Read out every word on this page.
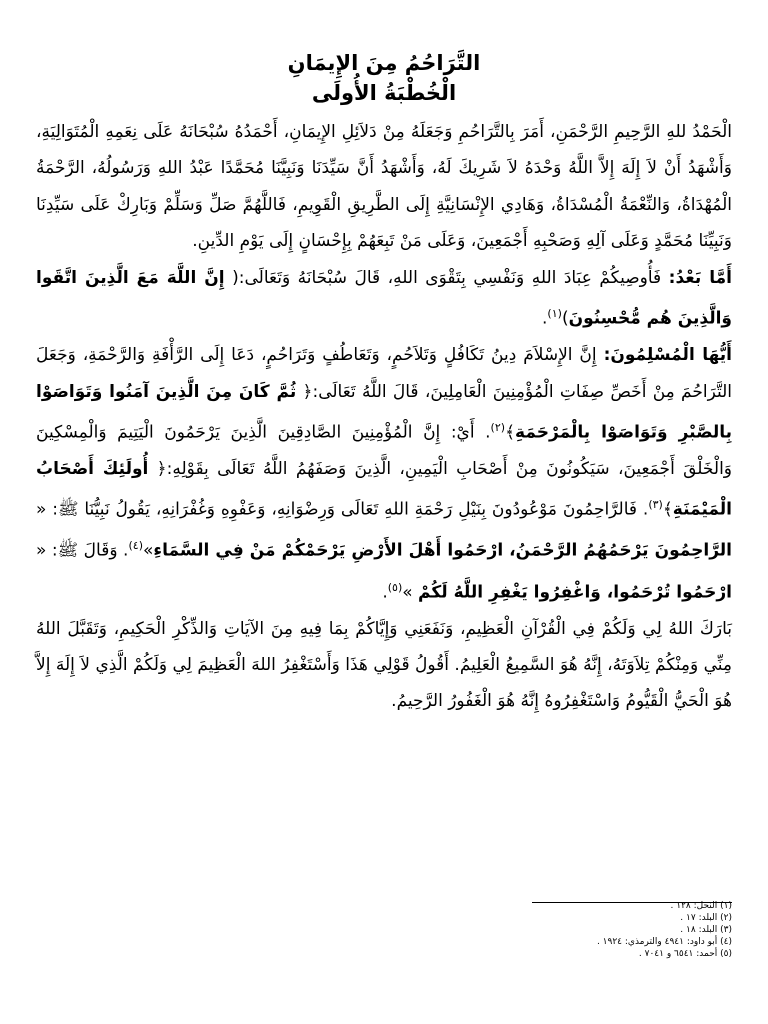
التَّرَاحُمُ مِنَ الإِيمَانِ
الْخُطْبَةُ الأُولَى

الْحَمْدُ للهِ الرَّحِيمِ الرَّحْمَنِ، أَمَرَ بِالتَّرَاحُمِ وَجَعَلَهُ مِنْ دَلاَئِلِ الإِيمَانِ، أَحْمَدُهُ سُبْحَانَهُ عَلَى نِعَمِهِ الْمُتَوَالِيَةِ، وَأَشْهَدُ أَنْ لاَ إِلَهَ إِلاَّ اللَّهُ وَحْدَهُ لاَ شَرِيكَ لَهُ، وَأَشْهَدُ أَنَّ سَيِّدَنَا وَنَبِيَّنَا مُحَمَّدًا عَبْدُ اللهِ وَرَسُولُهُ، الرَّحْمَةُ الْمُهْدَاةُ، وَالنِّعْمَةُ الْمُسْدَاةُ، وَهَادِي الإِنْسَانِيَّةِ إِلَى الطَّرِيقِ الْقَوِيمِ، فَاللَّهُمَّ صَلِّ وَسَلِّمْ وَبَارِكْ عَلَى سَيِّدِنَا وَنَبِيِّنَا مُحَمَّدٍ وَعَلَى آلِهِ وَصَحْبِهِ أَجْمَعِينَ، وَعَلَى مَنْ تَبِعَهُمْ بِإِحْسَانٍ إِلَى يَوْمِ الدِّينِ.

أَمَّا بَعْدُ: فَأُوصِيكُمْ عِبَادَ اللهِ وَنَفْسِي بِتَقْوَى اللهِ، قَالَ سُبْحَانَهُ وَتَعَالَى:( إِنَّ اللَّهَ مَعَ الَّذِينَ اتَّقَوا وَالَّذِينَ هُم مُّحْسِنُونَ)$^{(١)}$.

أَيُّهَا الْمُسْلِمُونَ: إِنَّ الإِسْلاَمَ دِينُ تَكَافُلٍ وَتَلاَحُمٍ، وَتَعَاطُفٍ وَتَرَاحُمٍ، دَعَا إِلَى الرَّأْفَةِ وَالرَّحْمَةِ، وَجَعَلَ التَّرَاحُمَ مِنْ أَخَصِّ صِفَاتِ الْمُؤْمِنِينَ الْعَامِلِينَ، قَالَ اللَّهُ تَعَالَى:﴿ ثُمَّ كَانَ مِنَ الَّذِينَ آمَنُوا وَتَوَاصَوْا بِالصَّبْرِ وَتَوَاصَوْا بِالْمَرْحَمَةِ﴾$^{(٢)}$. أَيْ: إِنَّ الْمُؤْمِنِينَ الصَّادِقِينَ الَّذِينَ يَرْحَمُونَ الْيَتِيمَ وَالْمِسْكِينَ وَالْخَلْقَ أَجْمَعِينَ، سَيَكُونُونَ مِنْ أَصْحَابِ الْيَمِينِ، الَّذِينَ وَصَفَهُمُ اللَّهُ تَعَالَى بِقَوْلِهِ:﴿ أُولَئِكَ أَصْحَابُ الْمَيْمَنَةِ﴾$^{(٣)}$. فَالرَّاحِمُونَ مَوْعُودُونَ بِنَيْلِ رَحْمَةِ اللهِ تَعَالَى وَرِضْوَانِهِ، وَعَفْوِهِ وَغُفْرَانِهِ، يَقُولُ نَبِيُّنَا ﷺ: « الرَّاحِمُونَ يَرْحَمُهُمُ الرَّحْمَنُ، ارْحَمُوا أَهْلَ الأَرْضِ يَرْحَمْكُمْ مَنْ فِي السَّمَاءِ»$^{(٤)}$. وَقَالَ ﷺ: « ارْحَمُوا تُرْحَمُوا، وَاغْفِرُوا يَغْفِرِ اللَّهُ لَكُمْ »$^{(٥)}$.

بَارَكَ اللهُ لِي وَلَكُمْ فِي الْقُرْآنِ الْعَظِيمِ، وَنَفَعَنِي وَإِيَّاكُمْ بِمَا فِيهِ مِنَ الآيَاتِ وَالذِّكْرِ الْحَكِيمِ، وَتَقَبَّلَ اللهُ مِنِّي وَمِنْكُمْ تِلاَوَتَهُ، إِنَّهُ هُوَ السَّمِيعُ الْعَلِيمُ. أَقُولُ قَوْلِي هَذَا وَأَسْتَغْفِرُ اللهَ الْعَظِيمَ لِي وَلَكُمْ الَّذِي لاَ إِلَهَ إِلاَّ هُوَ الْحَيُّ الْقَيُّومُ وَاسْتَغْفِرُوهُ إِنَّهُ هُوَ الْغَفُورُ الرَّحِيمُ.

(١) النحل: ١٢٨ .
(٢) البلد: ١٧ .
(٣) البلد: ١٨ .
(٤) أبو داود: ٤٩٤١ والترمذي: ١٩٢٤ .
(٥) أحمد: ٦٥٤١ و ٧٠٤١ .
